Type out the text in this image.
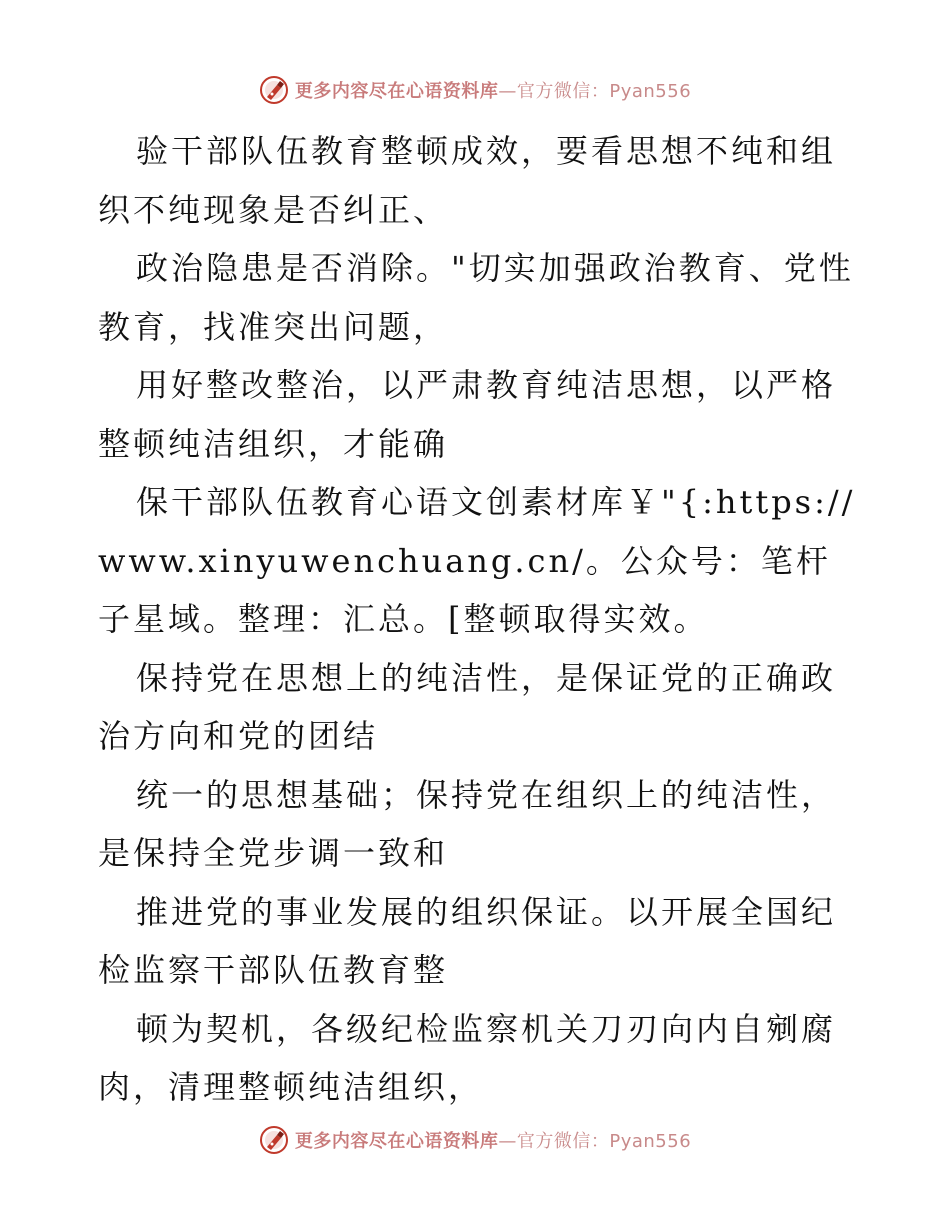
更多内容尽在心语资料库—官方微信：Pyan556

验干部队伍教育整顿成效，要看思想不纯和组织不纯现象是否纠正、

政治隐患是否消除。"切实加强政治教育、党性教育，找准突出问题，

用好整改整治，以严肃教育纯洁思想，以严格整顿纯洁组织，才能确

保干部队伍教育心语文创素材库￥"{:https://www.xinyuwenchuang.cn/。公众号：笔杆子星域。整理：汇总。[整顿取得实效。

保持党在思想上的纯洁性，是保证党的正确政治方向和党的团结

统一的思想基础；保持党在组织上的纯洁性，是保持全党步调一致和

推进党的事业发展的组织保证。以开展全国纪检监察干部队伍教育整

顿为契机，各级纪检监察机关刀刃向内自剜腐肉，清理整顿纯洁组织，

更多内容尽在心语资料库—官方微信：Pyan556
